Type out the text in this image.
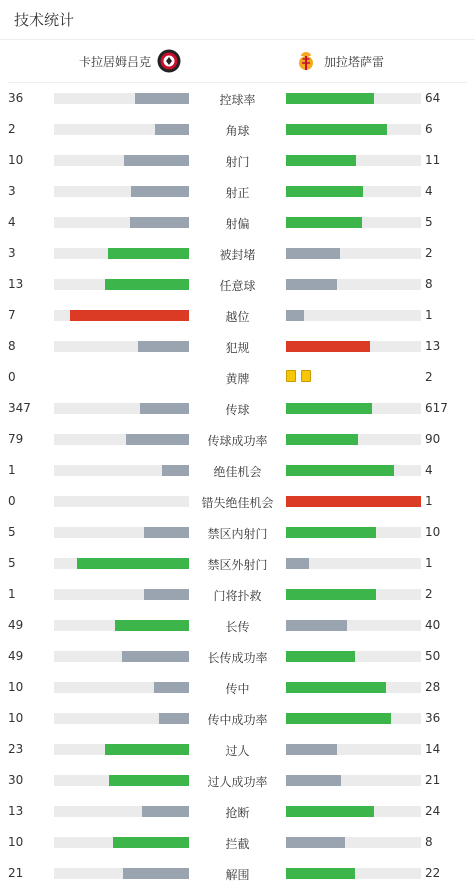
技术统计
卡拉居姆吕克	加拉塔萨雷
36	控球率	64
2	角球	6
10	射门	11
3	射正	4
4	射偏	5
3	被封堵	2
13	任意球	8
7	越位	1
8	犯规	13
0	黄牌	2
347	传球	617
79	传球成功率	90
1	绝佳机会	4
0	错失绝佳机会	1
5	禁区内射门	10
5	禁区外射门	1
1	门将扑救	2
49	长传	40
49	长传成功率	50
10	传中	28
10	传中成功率	36
23	过人	14
30	过人成功率	21
13	抢断	24
10	拦截	8
21	解围	22
